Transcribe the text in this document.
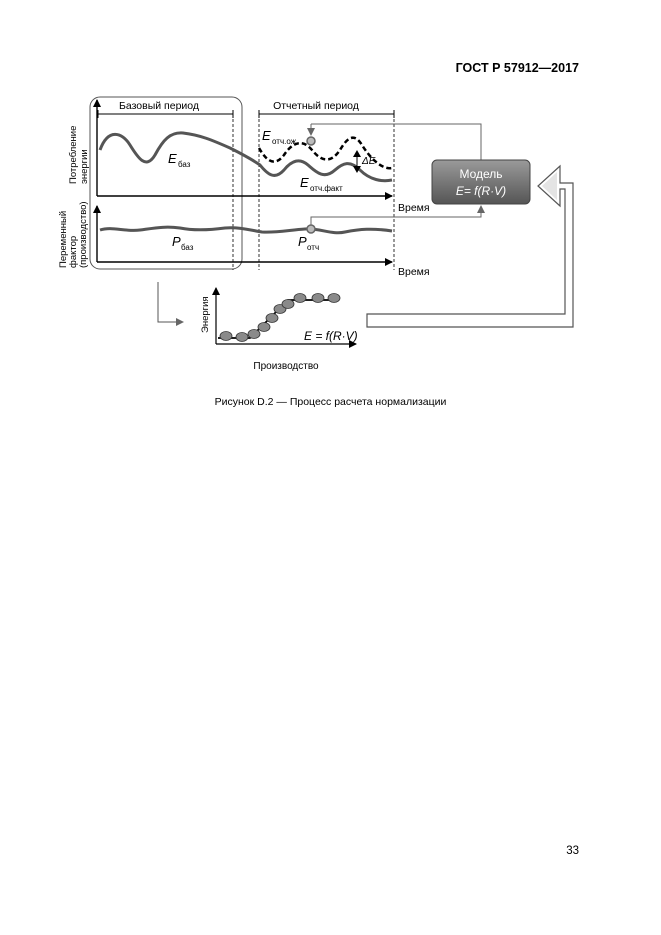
ГОСТ Р 57912—2017
Базовый период	Отчетный период
Время
Потребление энергии	ΔE
E баз
E отч.ож
E отч.факт
Время
Переменный фактор (производство)	P баз	P отч
Модель
E= f(R·V)
Энергия
Производство
E = f(R·V)
Рисунок D.2 — Процесс расчета нормализации
33
